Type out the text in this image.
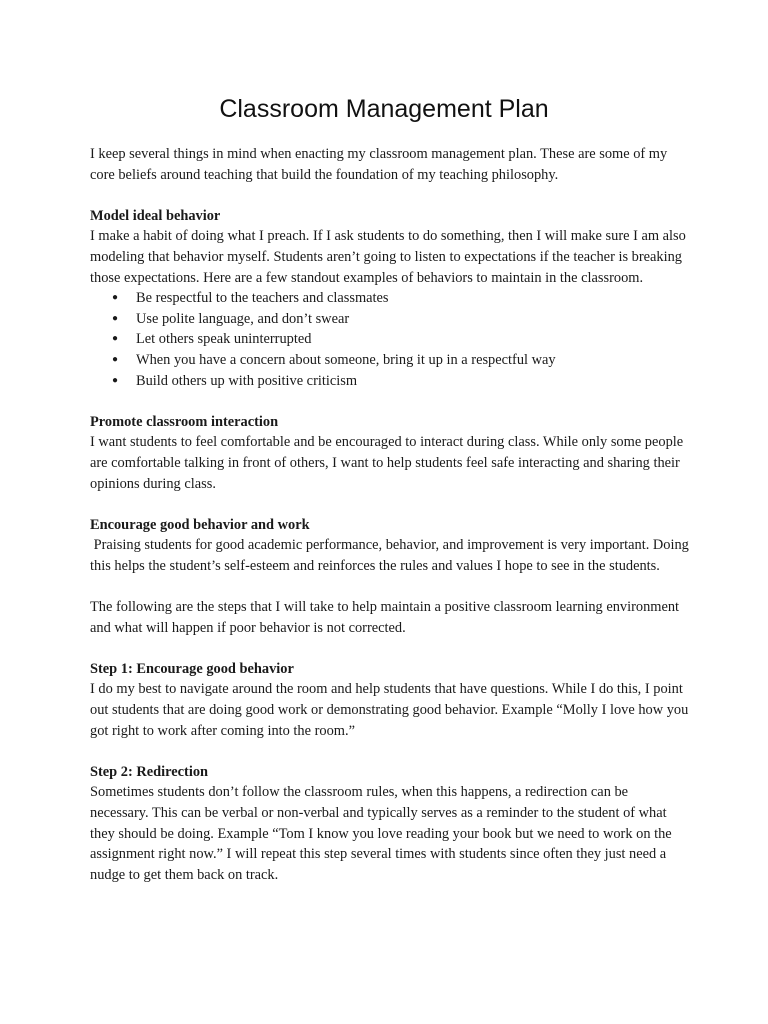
Classroom Management Plan

I keep several things in mind when enacting my classroom management plan. These are some of my core beliefs around teaching that build the foundation of my teaching philosophy.

Model ideal behavior

I make a habit of doing what I preach. If I ask students to do something, then I will make sure I am also modeling that behavior myself. Students aren’t going to listen to expectations if the teacher is breaking those expectations. Here are a few standout examples of behaviors to maintain in the classroom.

● Be respectful to the teachers and classmates
● Use polite language, and don’t swear
● Let others speak uninterrupted
● When you have a concern about someone, bring it up in a respectful way
● Build others up with positive criticism

Promote classroom interaction

I want students to feel comfortable and be encouraged to interact during class. While only some people are comfortable talking in front of others, I want to help students feel safe interacting and sharing their opinions during class.

Encourage good behavior and work

Praising students for good academic performance, behavior, and improvement is very important. Doing this helps the student’s self-esteem and reinforces the rules and values I hope to see in the students.

The following are the steps that I will take to help maintain a positive classroom learning environment and what will happen if poor behavior is not corrected.

Step 1: Encourage good behavior

I do my best to navigate around the room and help students that have questions. While I do this, I point out students that are doing good work or demonstrating good behavior. Example “Molly I love how you got right to work after coming into the room.”

Step 2: Redirection

Sometimes students don’t follow the classroom rules, when this happens, a redirection can be necessary. This can be verbal or non-verbal and typically serves as a reminder to the student of what they should be doing. Example “Tom I know you love reading your book but we need to work on the assignment right now.” I will repeat this step several times with students since often they just need a nudge to get them back on track.
